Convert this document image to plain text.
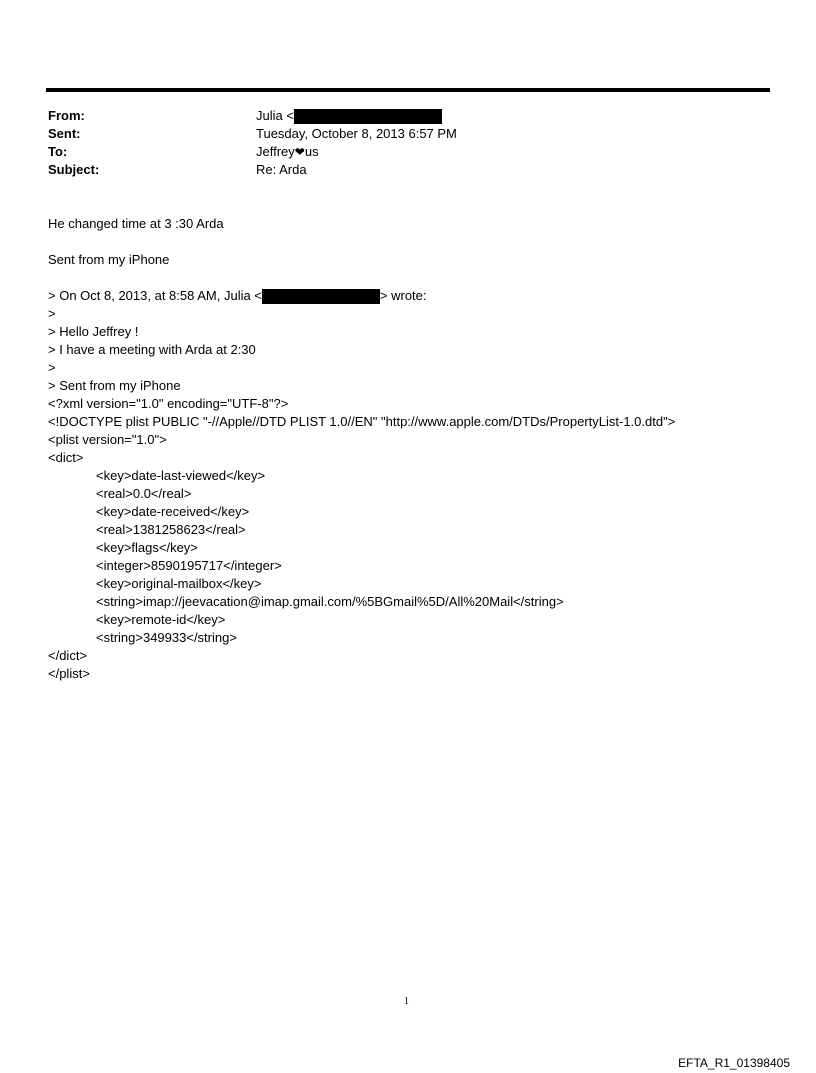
From:	Julia <
Sent:	Tuesday, October 8, 2013 6:57 PM
To:	Jeffrey❤us
Subject:	Re: Arda
He changed time at 3 :30 Arda
Sent from my iPhone
> On Oct 8, 2013, at 8:58 AM, Julia <	> wrote:
>
> Hello Jeffrey !
> I have a meeting with Arda at 2:30
>
> Sent from my iPhone
<?xml version="1.0" encoding="UTF-8"?>
<!DOCTYPE plist PUBLIC "-//Apple//DTD PLIST 1.0//EN" "http://www.apple.com/DTDs/PropertyList-1.0.dtd">
<plist version="1.0">
<dict>
<key>date-last-viewed</key>
<real>0.0</real>
<key>date-received</key>
<real>1381258623</real>
<key>flags</key>
<integer>8590195717</integer>
<key>original-mailbox</key>
<string>imap://jeevacation@imap.gmail.com/%5BGmail%5D/All%20Mail</string>
<key>remote-id</key>
<string>349933</string>
</dict>
</plist>
1
EFTA_R1_01398405
